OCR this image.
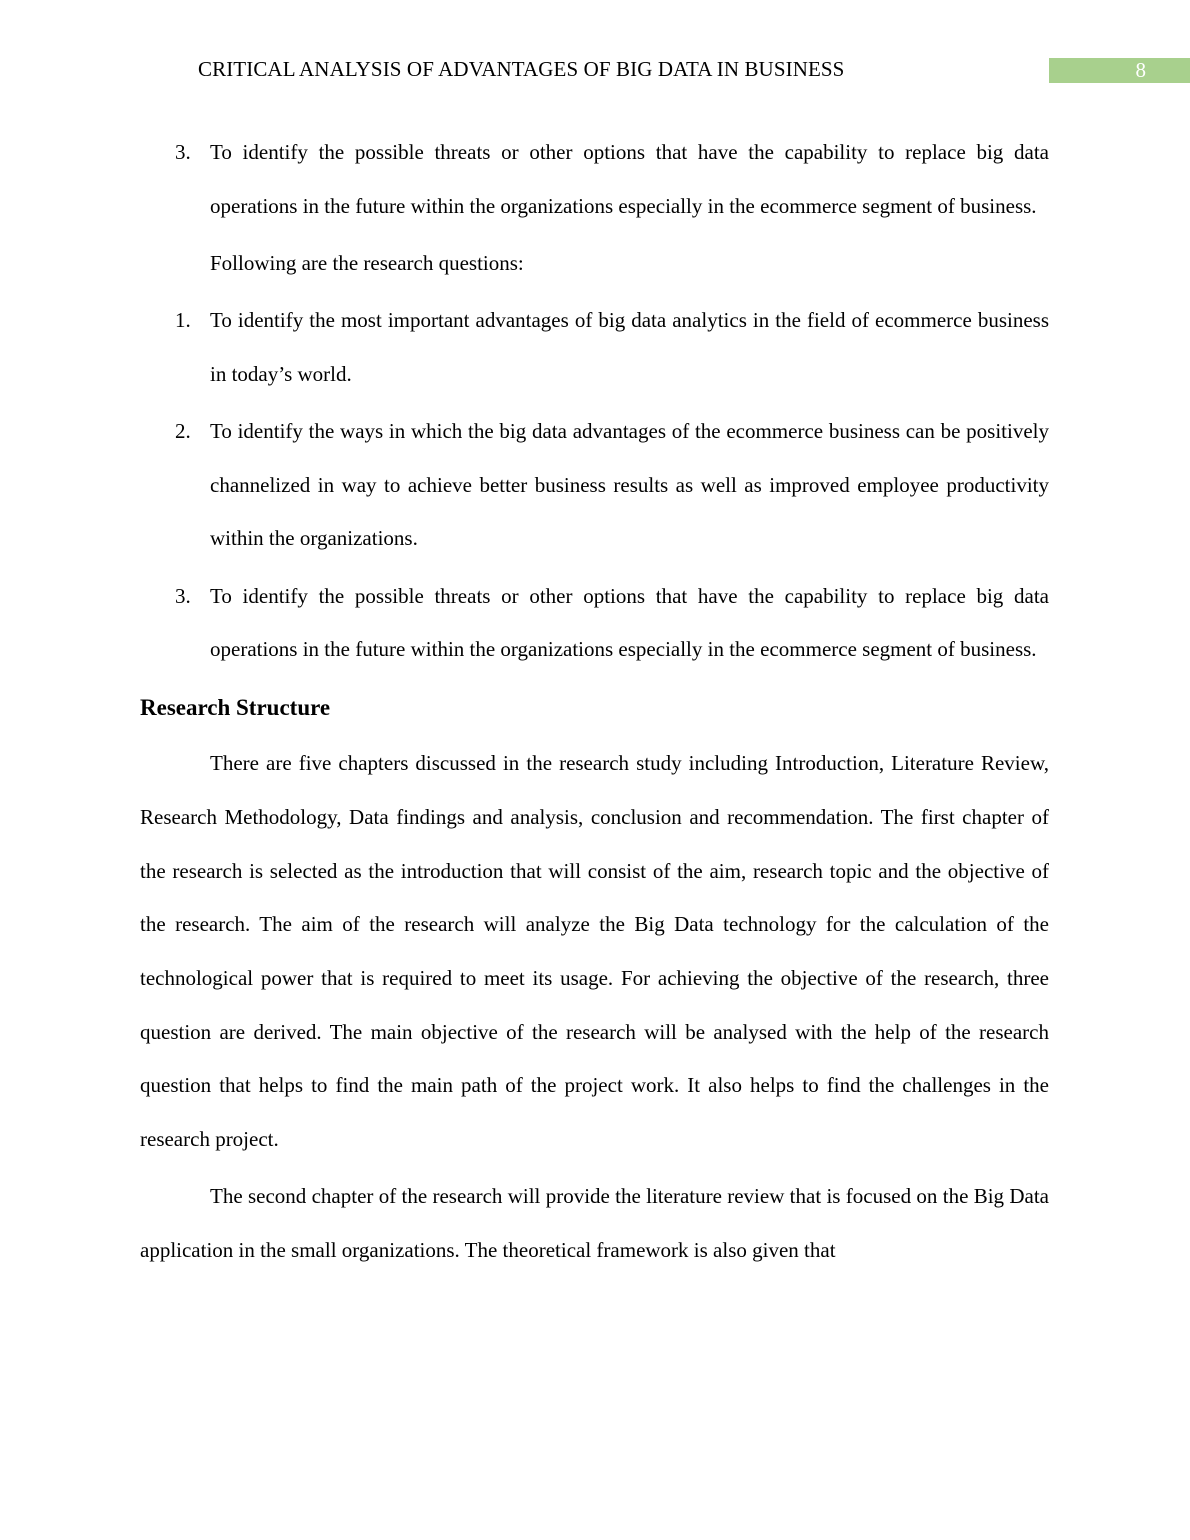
CRITICAL ANALYSIS OF ADVANTAGES OF BIG DATA IN BUSINESS	8
3. To identify the possible threats or other options that have the capability to replace big data operations in the future within the organizations especially in the ecommerce segment of business.
Following are the research questions:
1. To identify the most important advantages of big data analytics in the field of ecommerce business in today’s world.
2. To identify the ways in which the big data advantages of the ecommerce business can be positively channelized in way to achieve better business results as well as improved employee productivity within the organizations.
3. To identify the possible threats or other options that have the capability to replace big data operations in the future within the organizations especially in the ecommerce segment of business.
Research Structure

There are five chapters discussed in the research study including Introduction, Literature Review, Research Methodology, Data findings and analysis, conclusion and recommendation. The first chapter of the research is selected as the introduction that will consist of the aim, research topic and the objective of the research. The aim of the research will analyze the Big Data technology for the calculation of the technological power that is required to meet its usage. For achieving the objective of the research, three question are derived. The main objective of the research will be analysed with the help of the research question that helps to find the main path of the project work. It also helps to find the challenges in the research project.

The second chapter of the research will provide the literature review that is focused on the Big Data application in the small organizations. The theoretical framework is also given that
